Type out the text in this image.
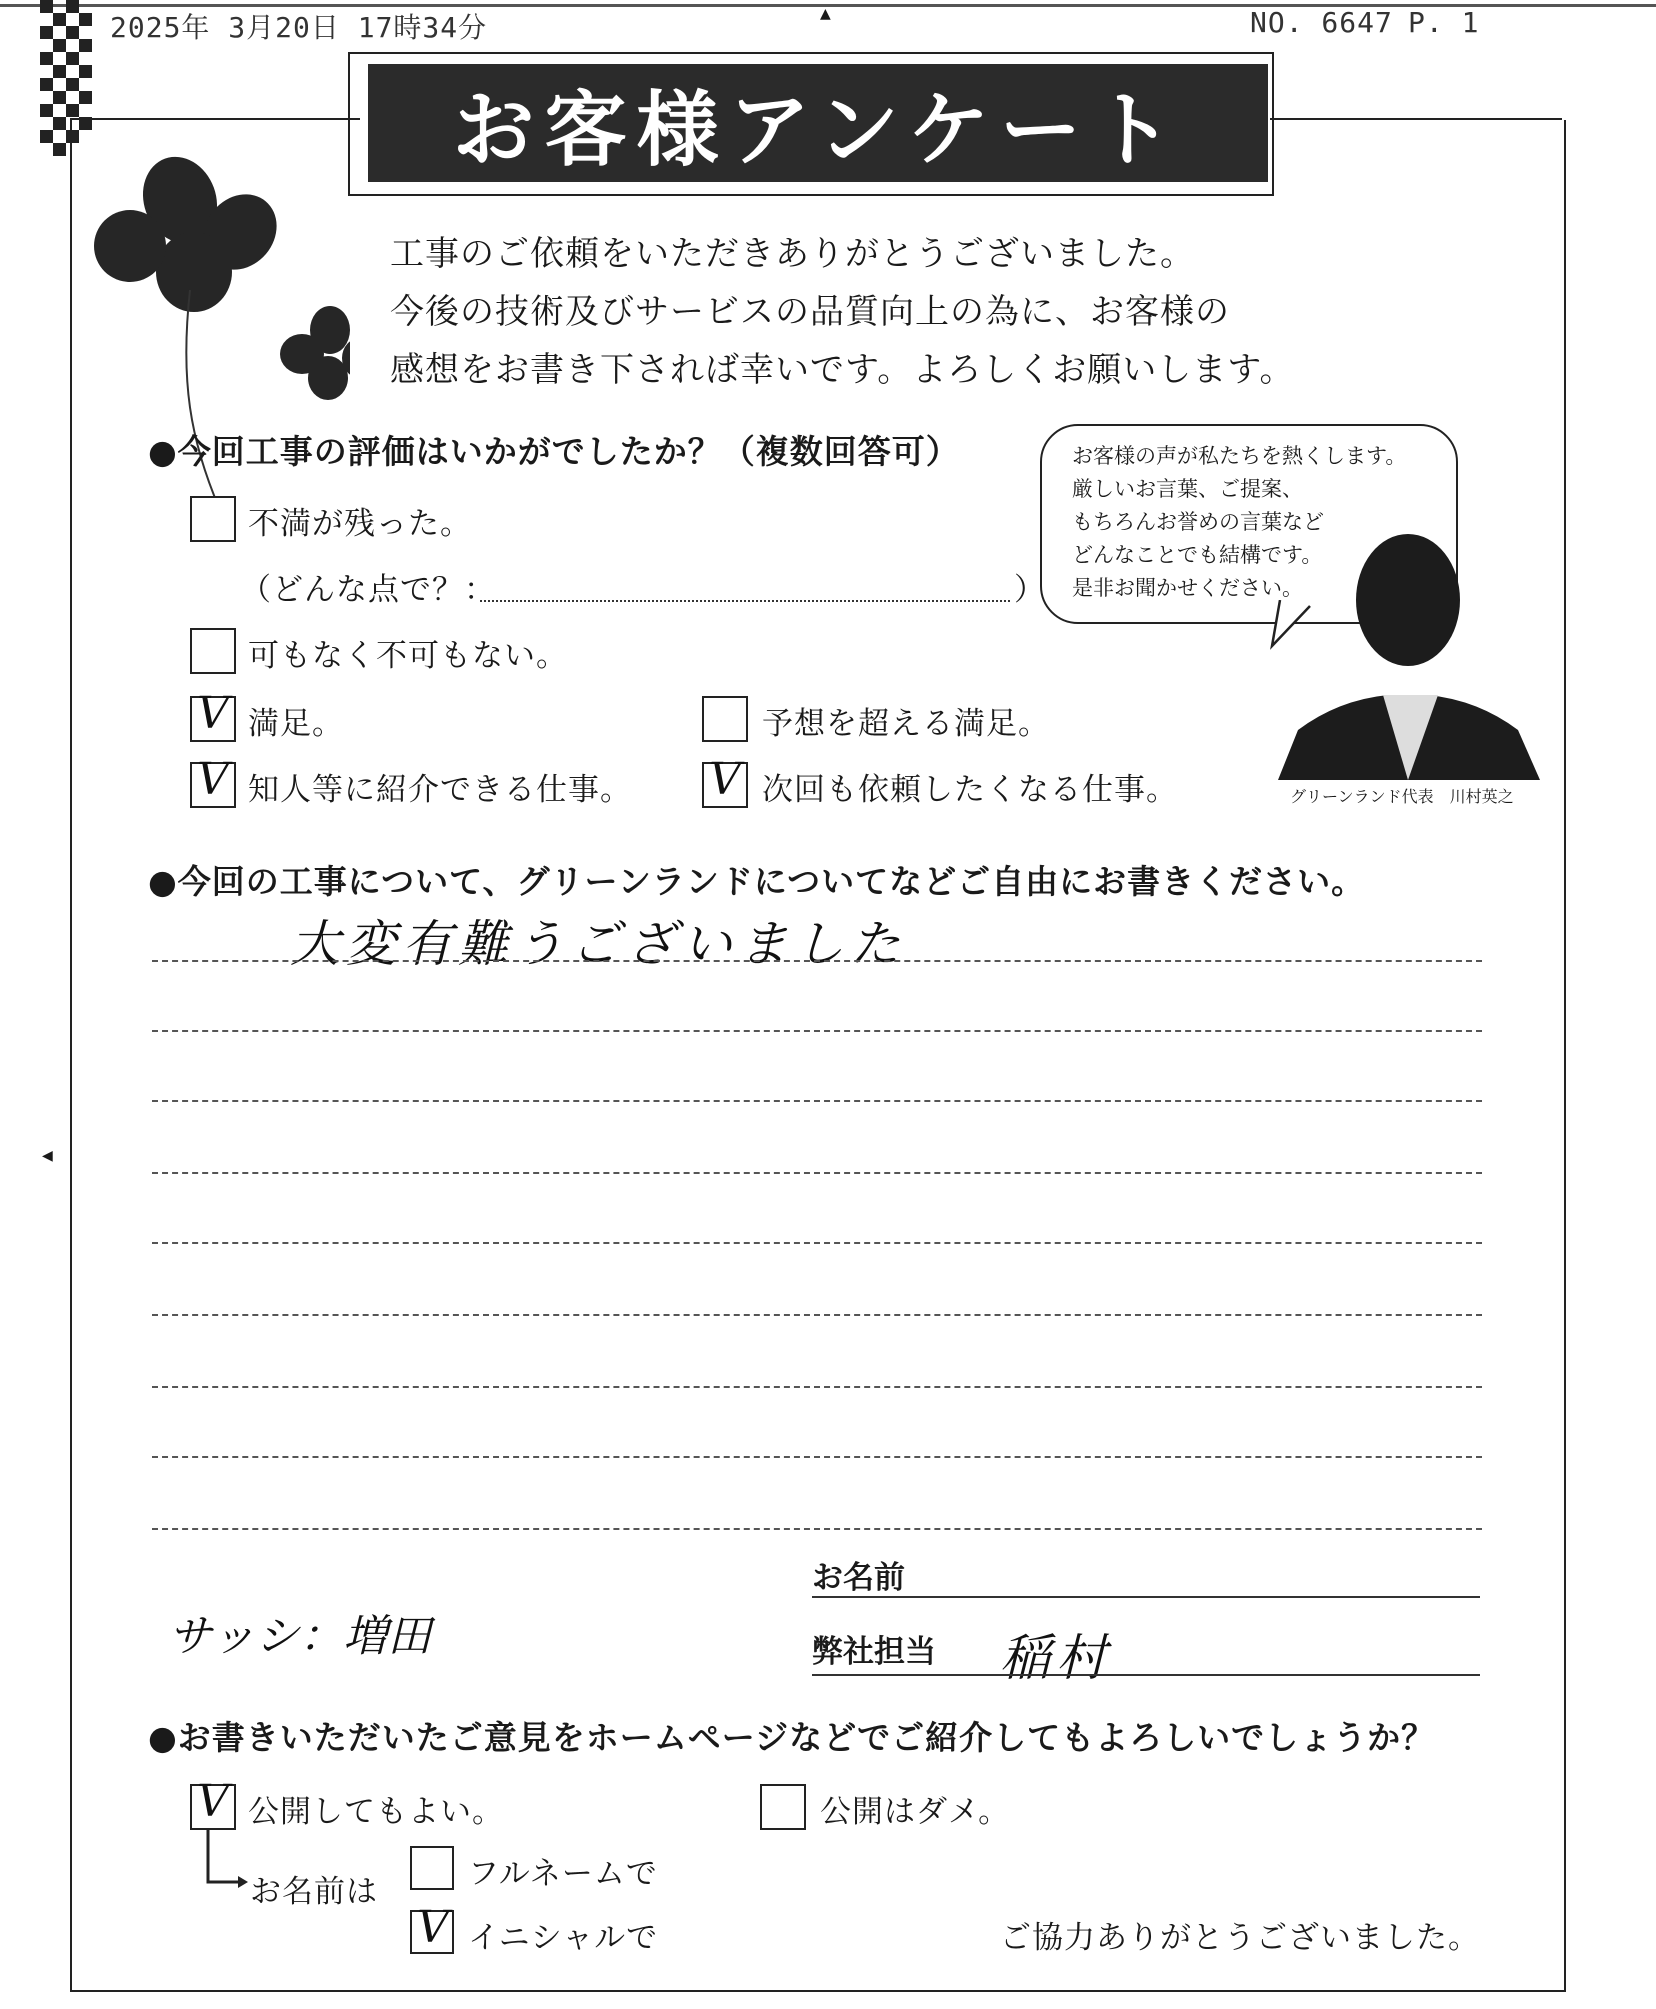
2025年 3月20日 17時34分	NO. 6647 P. 1
▲
◀
お客様アンケート
工事のご依頼をいただきありがとうございました。
今後の技術及びサービスの品質向上の為に、お客様の
感想をお書き下されば幸いです。よろしくお願いします。
お客様の声が私たちを熱くします。
厳しいお言葉、ご提案、
もちろんお誉めの言葉など
どんなことでも結構です。
是非お聞かせください。
グリーンランド代表　川村英之
●今回工事の評価はいかがでしたか？（複数回答可）
不満が残った。
（どんな点で？：	）
可もなく不可もない。
V 満足。	予想を超える満足。
V 知人等に紹介できる仕事。 V 次回も依頼したくなる仕事。
●今回の工事について、グリーンランドについてなどご自由にお書きください。
大変有難うございました
サッシ：増田
お名前
弊社担当 稲村
●お書きいただいたご意見をホームページなどでご紹介してもよろしいでしょうか？
V 公開してもよい。	公開はダメ。
お名前は	フルネームで
V イニシャルで	ご協力ありがとうございました。
